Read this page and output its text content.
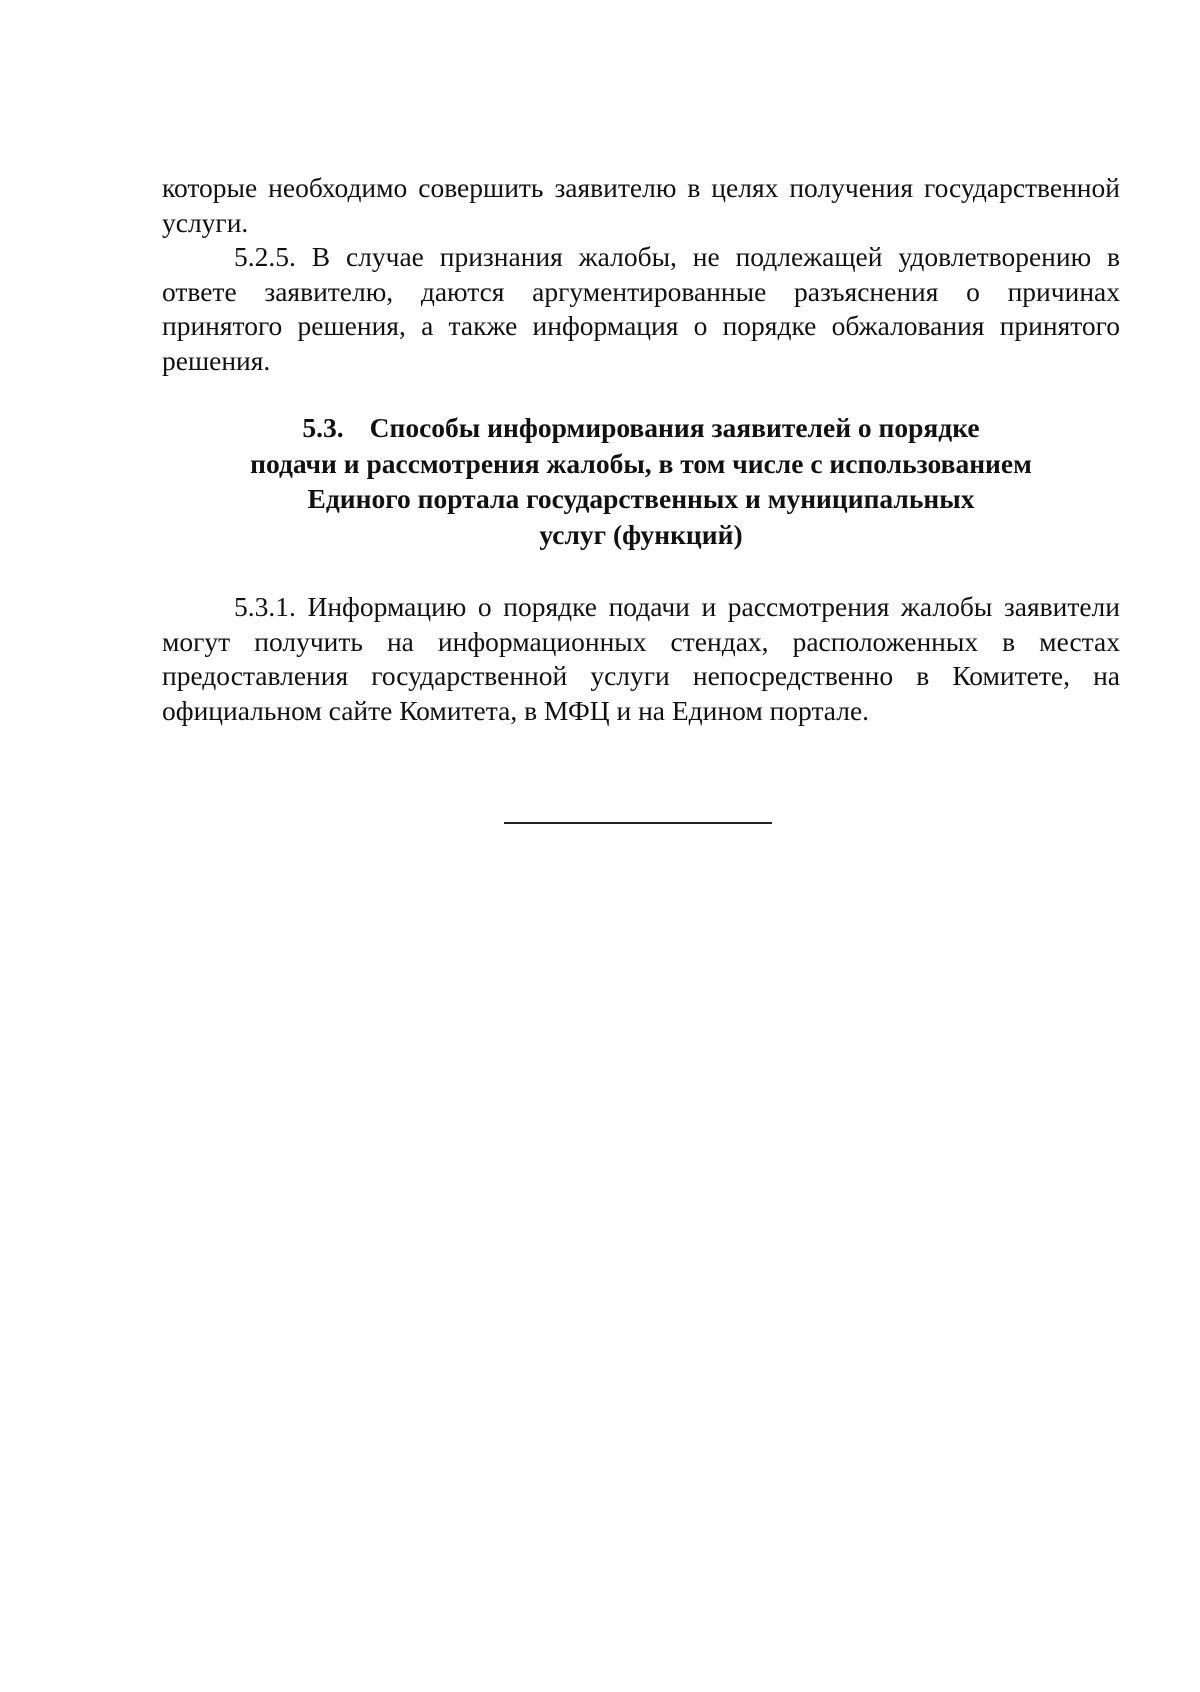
которые необходимо совершить заявителю в целях получения государственной
услуги.
5.2.5. В случае признания жалобы, не подлежащей удовлетворению в
ответе заявителю, даются аргументированные разъяснения о причинах
принятого решения, а также информация о порядке обжалования принятого
решения.
5.3. Способы информирования заявителей о порядке
подачи и рассмотрения жалобы, в том числе с использованием
Единого портала государственных и муниципальных
услуг (функций)
5.3.1. Информацию о порядке подачи и рассмотрения жалобы заявители
могут получить на информационных стендах, расположенных в местах
предоставления государственной услуги непосредственно в Комитете, на
официальном сайте Комитета, в МФЦ и на Едином портале.
